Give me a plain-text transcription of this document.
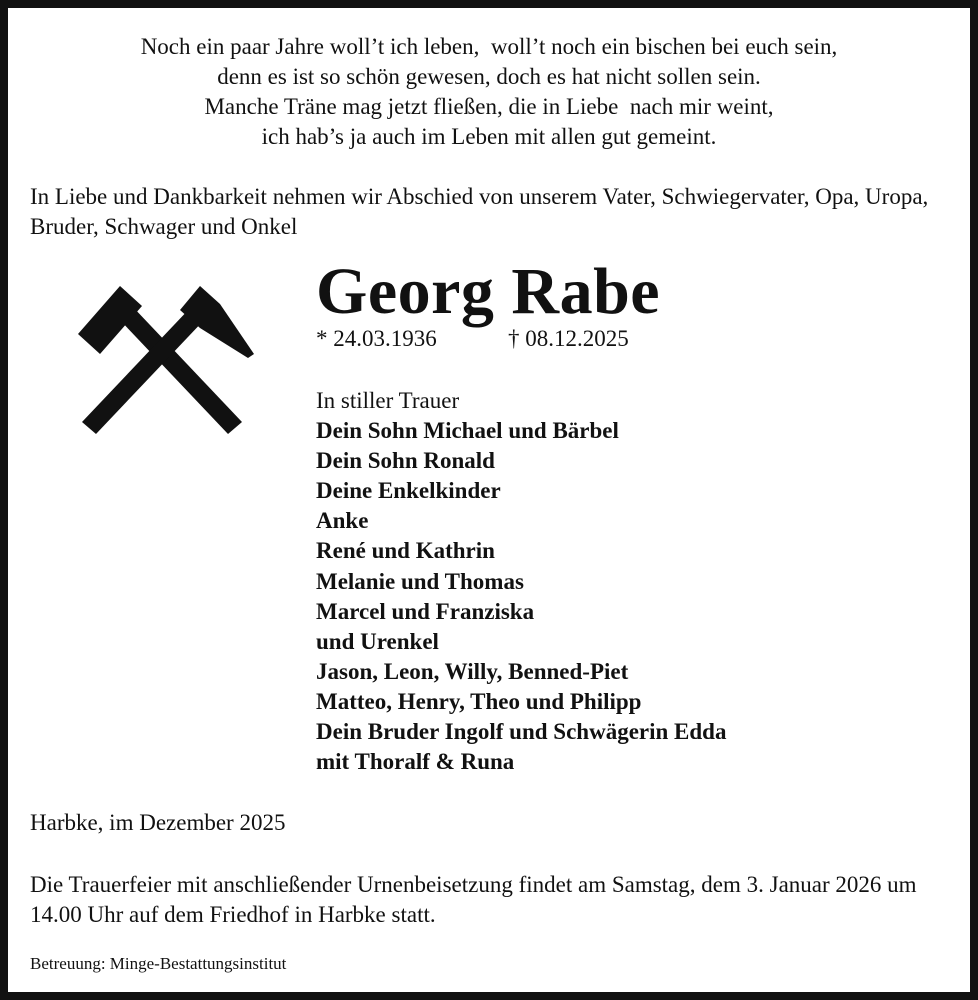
Noch ein paar Jahre woll’t ich leben,  woll’t noch ein bischen bei euch sein,
denn es ist so schön gewesen, doch es hat nicht sollen sein.
Manche Träne mag jetzt fließen, die in Liebe  nach mir weint,
ich hab’s ja auch im Leben mit allen gut gemeint.
In Liebe und Dankbarkeit nehmen wir Abschied von unserem Vater, Schwiegervater, Opa, Uropa, Bruder, Schwager und Onkel
Georg Rabe
* 24.03.1936	† 08.12.2025
In stiller Trauer
Dein Sohn Michael und Bärbel
Dein Sohn Ronald
Deine Enkelkinder
Anke
René und Kathrin
Melanie und Thomas
Marcel und Franziska
und Urenkel
Jason, Leon, Willy, Benned-Piet
Matteo, Henry, Theo und Philipp
Dein Bruder Ingolf und Schwägerin Edda
mit Thoralf & Runa
Harbke, im Dezember 2025
Die Trauerfeier mit anschließender Urnenbeisetzung findet am Samstag, dem 3. Januar 2026 um 14.00 Uhr auf dem Friedhof in Harbke statt.
Betreuung: Minge-Bestattungsinstitut
